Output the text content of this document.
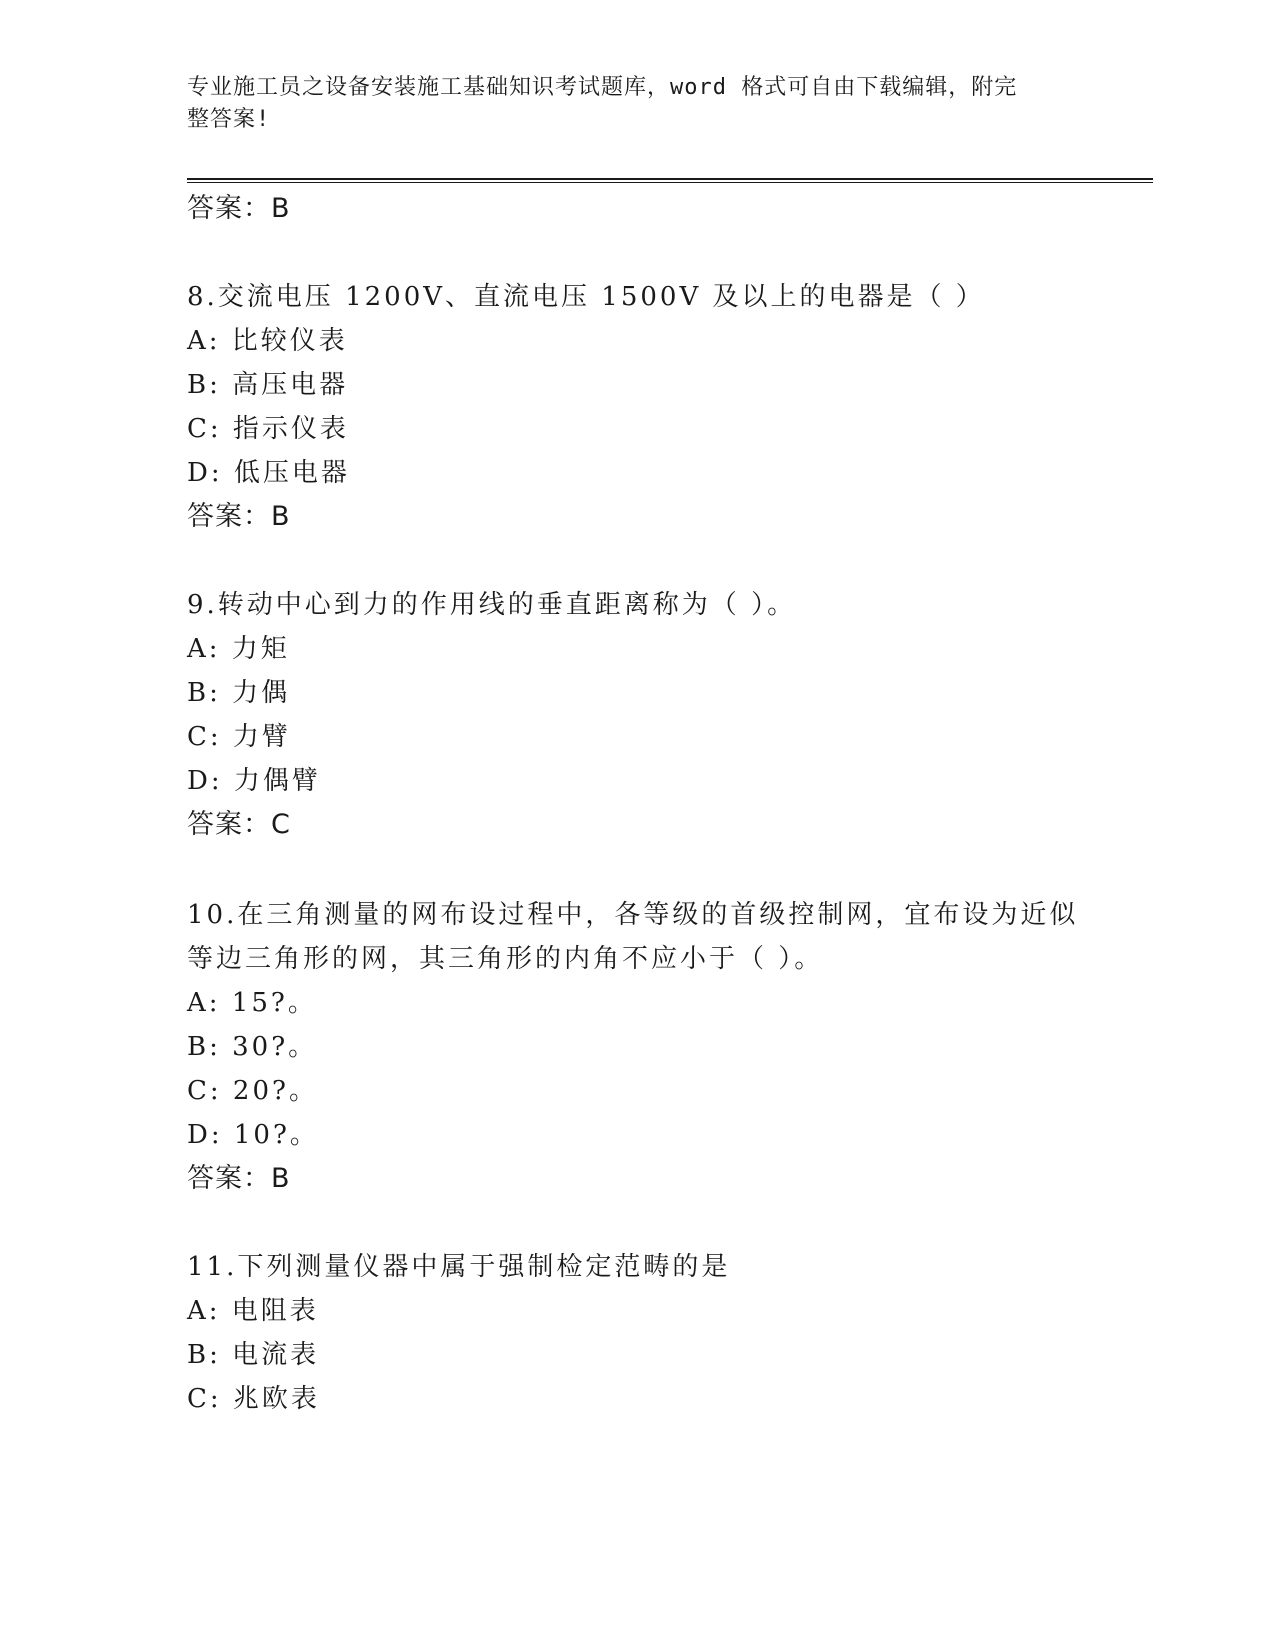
专业施工员之设备安装施工基础知识考试题库，word 格式可自由下载编辑，附完
整答案!
答案：B
8.交流电压 1200V、直流电压 1500V 及以上的电器是（ ）
A: 比较仪表
B: 高压电器
C: 指示仪表
D: 低压电器
答案：B
9.转动中心到力的作用线的垂直距离称为（ ）。
A: 力矩
B: 力偶
C: 力臂
D: 力偶臂
答案：C
10.在三角测量的网布设过程中，各等级的首级控制网，宜布设为近似
等边三角形的网，其三角形的内角不应小于（ ）。
A: 15?。
B: 30?。
C: 20?。
D: 10?。
答案：B
11.下列测量仪器中属于强制检定范畴的是
A: 电阻表
B: 电流表
C: 兆欧表
